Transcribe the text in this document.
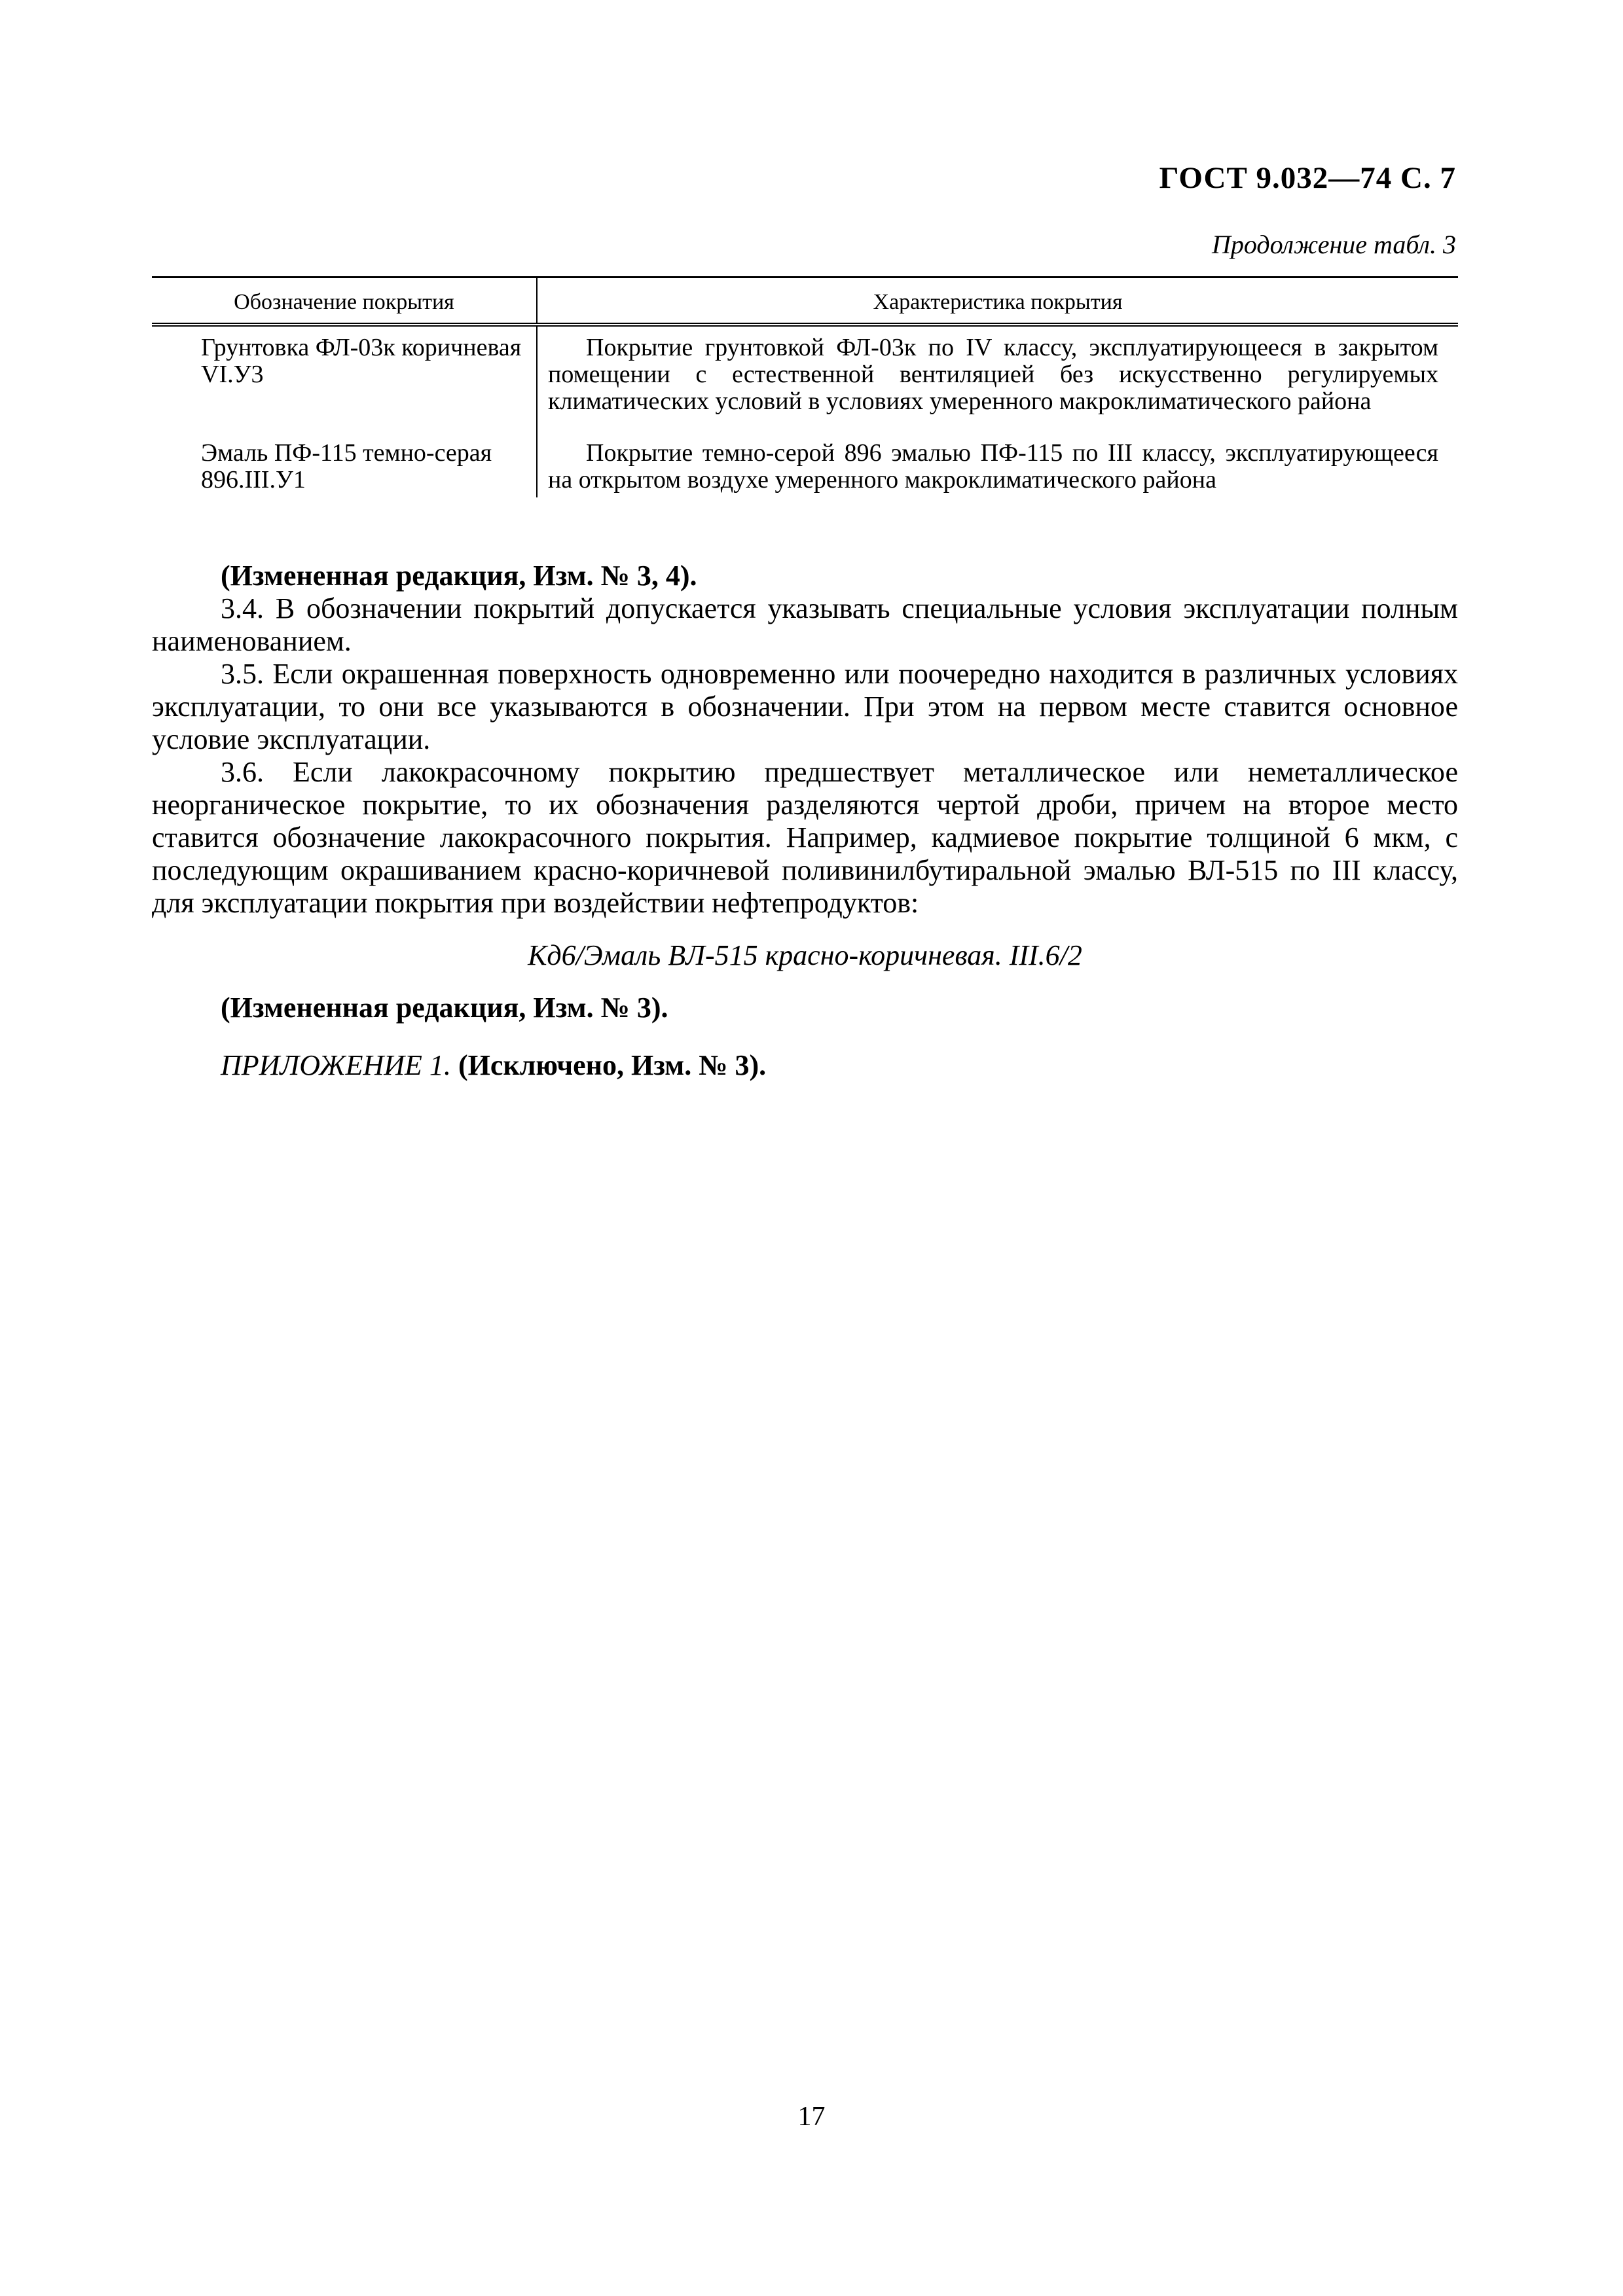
ГОСТ 9.032—74 С. 7
Продолжение табл. 3
Обозначение покрытия	Характеристика покрытия
Грунтовка ФЛ-03к коричневая VI.У3	Покрытие грунтовкой ФЛ-03к по IV классу, эксплуатирующееся в закрытом помещении с естественной вентиляцией без искусственно регулируемых климатических условий в условиях умеренного макроклиматического района
Эмаль ПФ-115 темно-серая 896.III.У1	Покрытие темно-серой 896 эмалью ПФ-115 по III классу, эксплуатирующееся на открытом воздухе умеренного макроклиматического района

(Измененная редакция, Изм. № 3, 4).

3.4. В обозначении покрытий допускается указывать специальные условия эксплуатации полным наименованием.

3.5. Если окрашенная поверхность одновременно или поочередно находится в различных условиях эксплуатации, то они все указываются в обозначении. При этом на первом месте ставится основное условие эксплуатации.

3.6. Если лакокрасочному покрытию предшествует металлическое или неметаллическое неорганическое покрытие, то их обозначения разделяются чертой дроби, причем на второе место ставится обозначение лакокрасочного покрытия. Например, кадмиевое покрытие толщиной 6 мкм, с последующим окрашиванием красно-коричневой поливинилбутиральной эмалью ВЛ-515 по III классу, для эксплуатации покрытия при воздействии нефтепродуктов:

Кд6/Эмаль ВЛ-515 красно-коричневая. III.6/2

(Измененная редакция, Изм. № 3).

ПРИЛОЖЕНИЕ 1. (Исключено, Изм. № 3).

17
